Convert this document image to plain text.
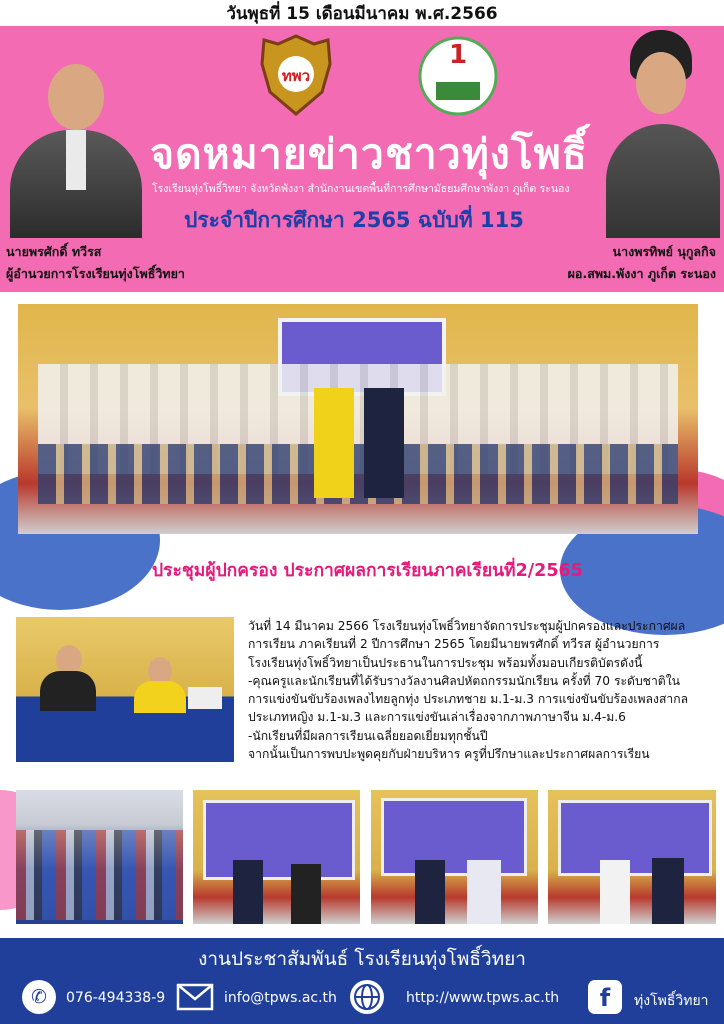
วันพุธที่ 15 เดือนมีนาคม พ.ศ.2566
ทพว
1
จดหมายข่าวชาวทุ่งโพธิ์
โรงเรียนทุ่งโพธิ์วิทยา จังหวัดพังงา สำนักงานเขตพื้นที่การศึกษามัธยมศึกษาพังงา ภูเก็ต ระนอง
ประจำปีการศึกษา 2565 ฉบับที่ 115
นายพรศักดิ์ ทวีรส
ผู้อำนวยการโรงเรียนทุ่งโพธิ์วิทยา
นางพรทิพย์ นุกูลกิจ
ผอ.สพม.พังงา ภูเก็ต ระนอง
ประชุมผู้ปกครอง ประกาศผลการเรียนภาคเรียนที่2/2565

วันที่ 14 มีนาคม 2566 โรงเรียนทุ่งโพธิ์วิทยาจัดการประชุมผู้ปกครองและประกาศผล

การเรียน ภาคเรียนที่ 2 ปีการศึกษา 2565 โดยมีนายพรศักดิ์ ทวีรส ผู้อำนวยการ

โรงเรียนทุ่งโพธิ์วิทยาเป็นประธานในการประชุม พร้อมทั้งมอบเกียรติบัตรดังนี้

-คุณครูและนักเรียนที่ได้รับรางวัลงานศิลปหัตถกรรมนักเรียน ครั้งที่ 70 ระดับชาติใน

การแข่งขันขับร้องเพลงไทยลูกทุ่ง ประเภทชาย ม.1-ม.3 การแข่งขันขับร้องเพลงสากล

ประเภทหญิง ม.1-ม.3 และการแข่งขันเล่าเรื่องจากภาพภาษาจีน ม.4-ม.6

-นักเรียนที่มีผลการเรียนเฉลี่ยยอดเยี่ยมทุกชั้นปี

จากนั้นเป็นการพบปะพูดคุยกับฝ่ายบริหาร ครูที่ปรึกษาและประกาศผลการเรียน

งานประชาสัมพันธ์ โรงเรียนทุ่งโพธิ์วิทยา
✆	076-494338-9	info@tpws.ac.th	http://www.tpws.ac.th	f	ทุ่งโพธิ์วิทยา
